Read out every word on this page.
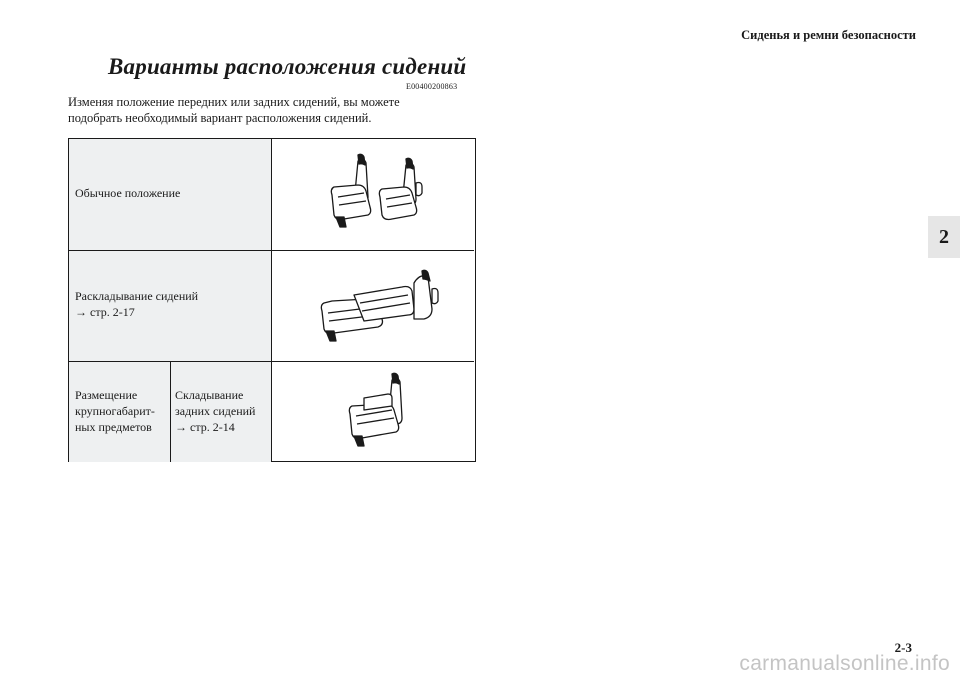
Сиденья и ремни безопасности
2
Варианты расположения сидений
E00400200863
Изменяя положение передних или задних сидений, вы можете
подобрать необходимый вариант расположения сидений.
Обычное положение
Раскладывание сидений
→ стр. 2-17
Размещение
крупногабарит-
ных предметов
Складывание
задних сидений
→ стр. 2-14
2-3
carmanualsonline.info
